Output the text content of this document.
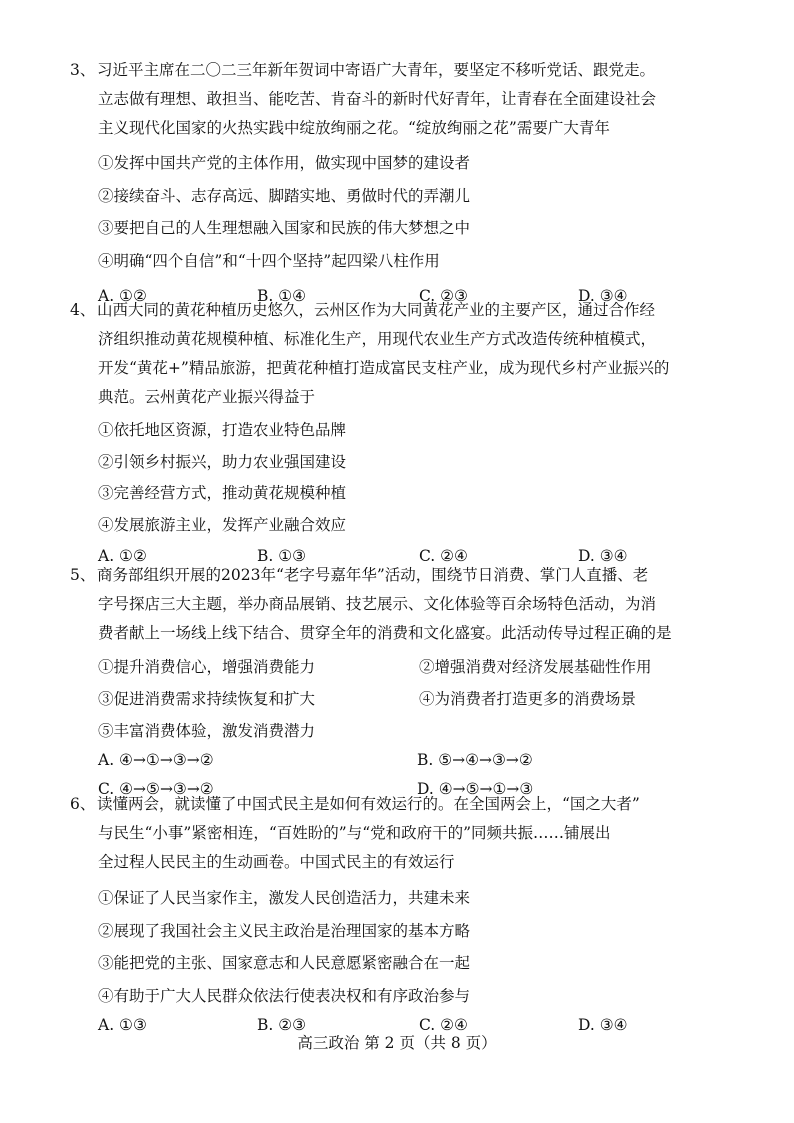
3、 习近平主席在二〇二三年新年贺词中寄语广大青年，要坚定不移听党话、跟党走。
立志做有理想、敢担当、能吃苦、肯奋斗的新时代好青年，让青春在全面建设社会
主义现代化国家的火热实践中绽放绚丽之花。“绽放绚丽之花”需要广大青年

①发挥中国共产党的主体作用，做实现中国梦的建设者

②接续奋斗、志存高远、脚踏实地、勇做时代的弄潮儿

③要把自己的人生理想融入国家和民族的伟大梦想之中

④明确“四个自信”和“十四个坚持”起四梁八柱作用

A. ①②	B. ①④	C. ②③	D. ③④

4、 山西大同的黄花种植历史悠久，云州区作为大同黄花产业的主要产区，通过合作经
济组织推动黄花规模种植、标准化生产，用现代农业生产方式改造传统种植模式，
开发“黄花+”精品旅游，把黄花种植打造成富民支柱产业，成为现代乡村产业振兴的
典范。云州黄花产业振兴得益于

①依托地区资源，打造农业特色品牌

②引领乡村振兴，助力农业强国建设

③完善经营方式，推动黄花规模种植

④发展旅游主业，发挥产业融合效应

A. ①②	B. ①③	C. ②④	D. ③④

5、 商务部组织开展的2023年“老字号嘉年华”活动，围绕节日消费、掌门人直播、老
字号探店三大主题，举办商品展销、技艺展示、文化体验等百余场特色活动，为消
费者献上一场线上线下结合、贯穿全年的消费和文化盛宴。此活动传导过程正确的是

①提升消费信心，增强消费能力	②增强消费对经济发展基础性作用
③促进消费需求持续恢复和扩大	④为消费者打造更多的消费场景
⑤丰富消费体验，激发消费潜力
A. ④→①→③→②	B. ⑤→④→③→②
C. ④→⑤→③→②	D. ④→⑤→①→③

6、 读懂两会，就读懂了中国式民主是如何有效运行的。在全国两会上，“国之大者”
与民生“小事”紧密相连，“百姓盼的”与“党和政府干的”同频共振……铺展出
全过程人民民主的生动画卷。中国式民主的有效运行

①保证了人民当家作主，激发人民创造活力，共建未来

②展现了我国社会主义民主政治是治理国家的基本方略

③能把党的主张、国家意志和人民意愿紧密融合在一起

④有助于广大人民群众依法行使表决权和有序政治参与

A. ①③	B. ②③	C. ②④	D. ③④
高三政治 第 2 页（共 8 页）
